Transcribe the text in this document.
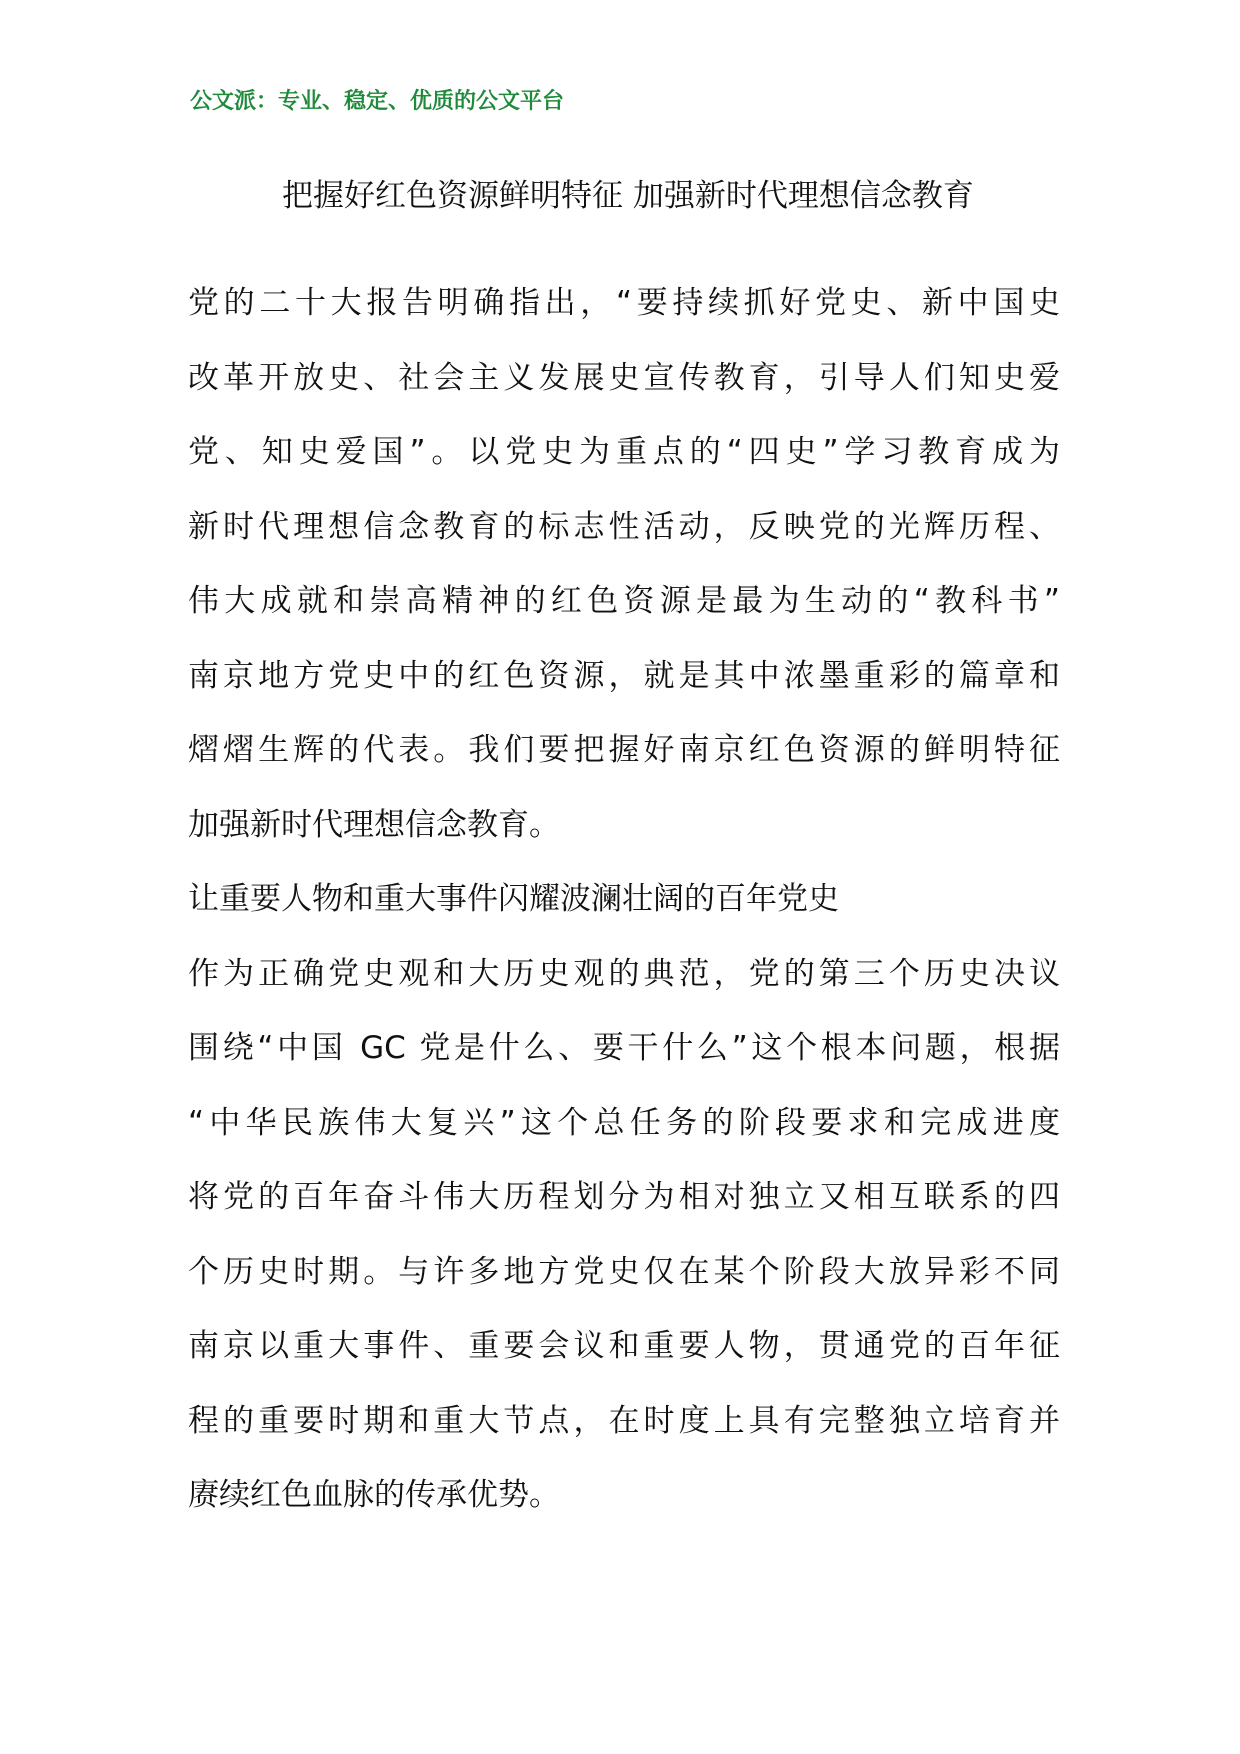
公文派：专业、稳定、优质的公文平台
把握好红色资源鲜明特征 加强新时代理想信念教育
党的二十大报告明确指出，“要持续抓好党史、新中国史
改革开放史、社会主义发展史宣传教育，引导人们知史爱
党、知史爱国”。以党史为重点的“四史”学习教育成为
新时代理想信念教育的标志性活动，反映党的光辉历程、
伟大成就和崇高精神的红色资源是最为生动的“教科书”
南京地方党史中的红色资源，就是其中浓墨重彩的篇章和
熠熠生辉的代表。我们要把握好南京红色资源的鲜明特征
加强新时代理想信念教育。
让重要人物和重大事件闪耀波澜壮阔的百年党史
作为正确党史观和大历史观的典范，党的第三个历史决议
围绕“中国 GC 党是什么、要干什么”这个根本问题，根据
“中华民族伟大复兴”这个总任务的阶段要求和完成进度
将党的百年奋斗伟大历程划分为相对独立又相互联系的四
个历史时期。与许多地方党史仅在某个阶段大放异彩不同
南京以重大事件、重要会议和重要人物，贯通党的百年征
程的重要时期和重大节点，在时度上具有完整独立培育并
赓续红色血脉的传承优势。
